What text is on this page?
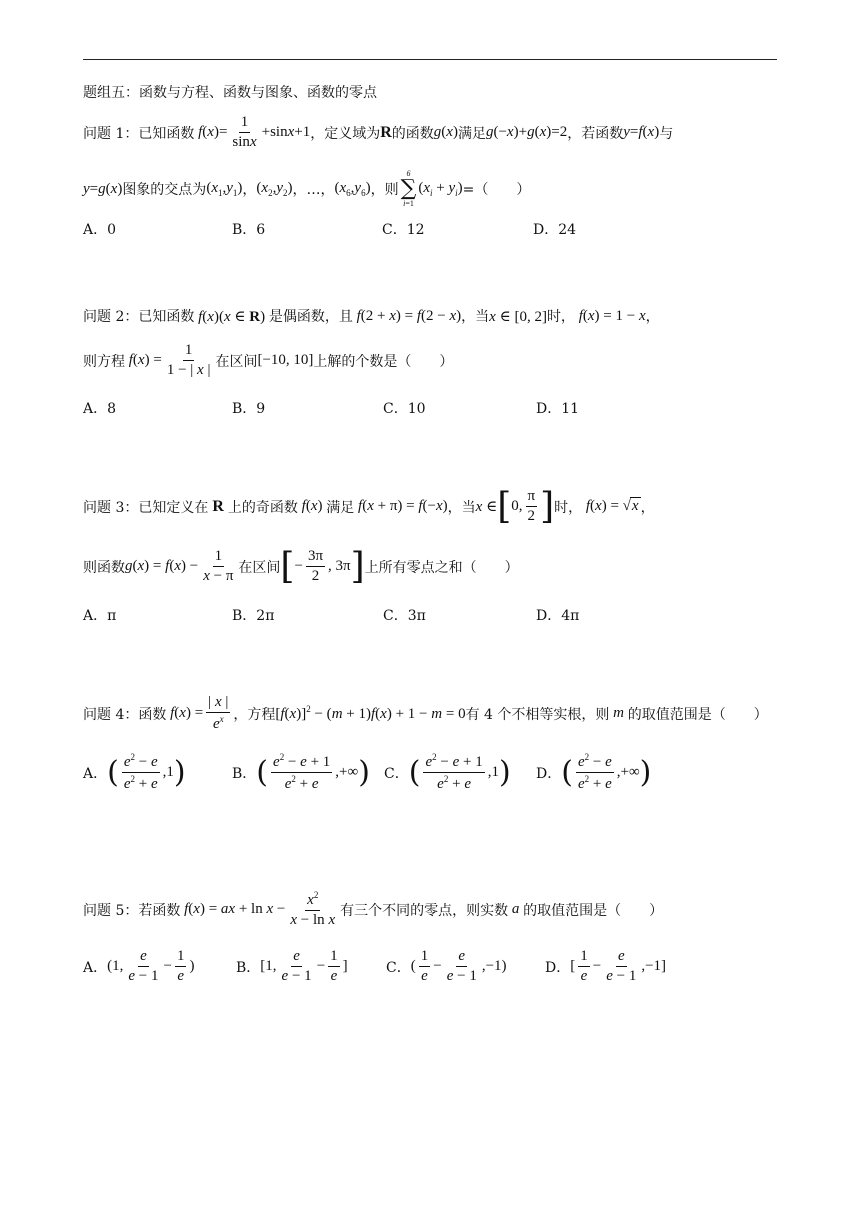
题组五：函数与方程、函数与图象、函数的零点
问题 1： 已知函数 $f(x)= \frac{1}{\sin x} +\sin x+1$ ，定义域为 R 的函数 g(x) 满足 g(−x)+g(x)=2 ，若函数 y=f(x) 与
y=g(x) 图象的交点为 $(x_1,y_1)$ ， $(x_2,y_2)$ ，…， $(x_6,y_6)$ ，则
6
∑
i=1
$(x_i + y_i)$ =（　　）
A．0	B．6	C．12	D．24
问题 2： 已知函数 f(x)(x ∈ R) 是偶函数，且 f(2 + x) = f(2 − x) ，当 x ∈ [0, 2] 时， f(x) = 1 − x ，
则方程 $f(x) = \frac{1}{1 - | x |}$ 在区间 [−10, 10] 上解的个数是（　　）
A．8	B．9	C．10	D．11
问题 3： 已知定义在 R 上的奇函数 f(x) 满足 f(x + π) = f(−x) ，当 x ∈ [ 0, $\frac{\pi}{2}$ ] 时， f(x) = √x ，
则函数 $g(x) = f(x) - \frac{1}{x - \pi}$ 在区间 [ − $\frac{3\pi}{2}$ , 3π ] 上所有零点之和（　　）
A．π	B．2π	C．3π	D．4π
问题 4： 函数 $f(x) = \frac{| x |}{e^x}$ ，方程 $[f(x)]^2 - (m + 1)f(x) + 1 - m = 0$ 有 4 个不相等实根，则 m 的取值范围是（　　）
A． ( $\frac{e^2 - e}{e^2 + e} ,1$ )	B． ( $\frac{e^2 - e + 1}{e^2 + e}$ ,+∞ ) C． ( $\frac{e^2 - e + 1}{e^2 + e} ,1$ ) D． ( $\frac{e^2 - e}{e^2 + e}$ ,+∞ )
问题 5： 若函数 f(x) = ax + $\ln x - \frac{x^2}{\text{x − ln x}}$ 有三个不同的零点，则实数 a 的取值范围是（　　）
A． (1, $\frac{e}{e - 1} - \frac{1}{e}$ )	B． [1, $\frac{e}{e - 1} - \frac{1}{e}$ ]	C． ( $\frac{1}{e} - \frac{e}{e - 1} ,-1$)	D． [ $\frac{1}{e} - \frac{e}{e - 1} ,-1$]
